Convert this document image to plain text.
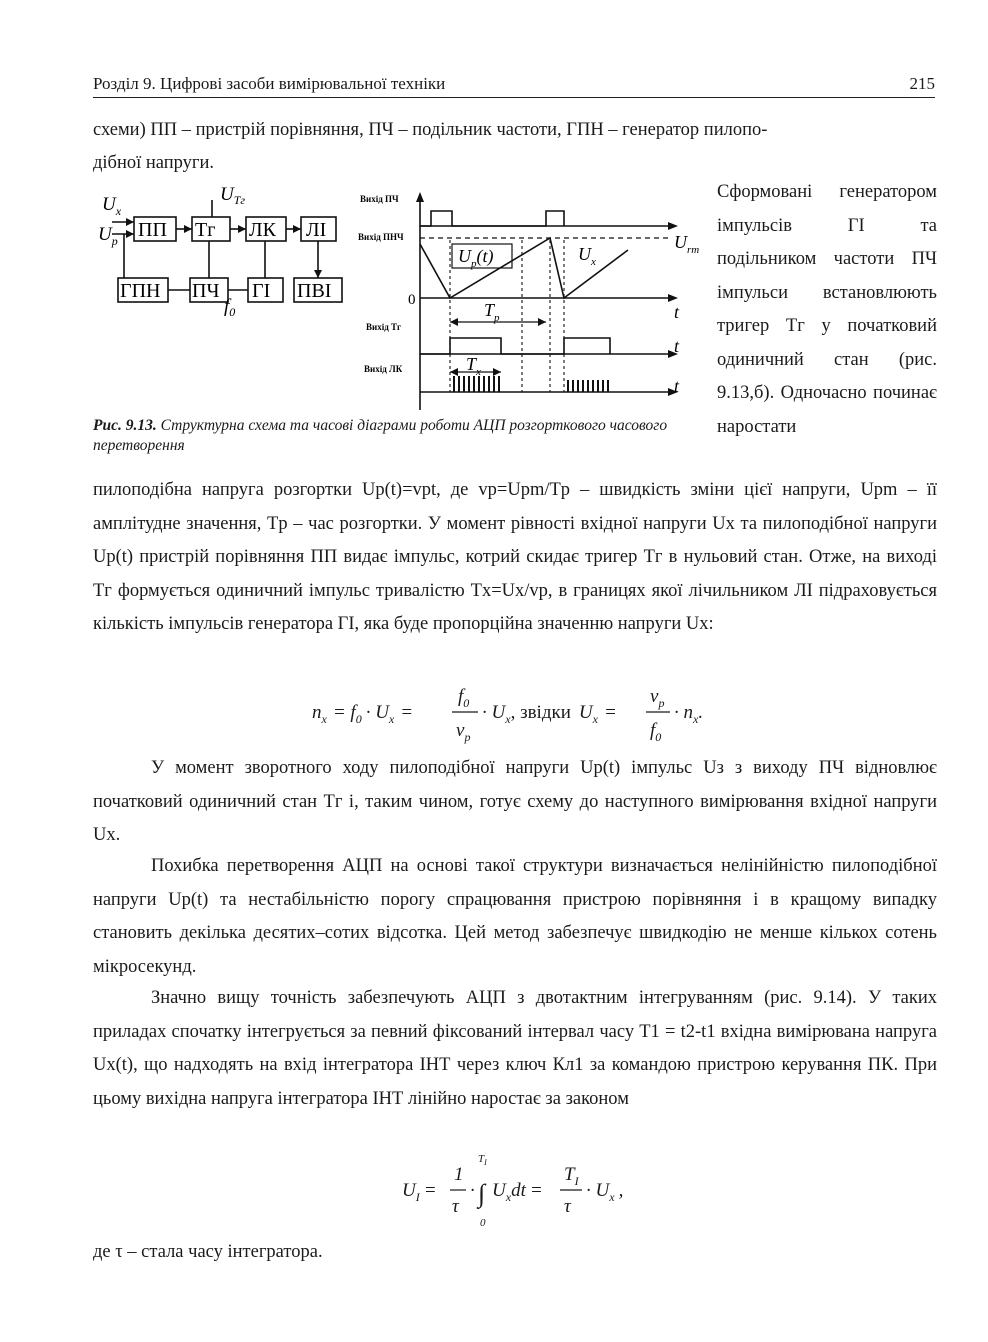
Розділ 9. Цифрові засоби вимірювальної техніки	215

схеми) ПП – пристрій порівняння, ПЧ – подільник частоти, ГПН – генератор пилопо-

дібної напруги.

ПП Тг ЛК ЛІ
ГПН ПЧ ГІ ПВІ
$U_x$
$U_p$
$U_{Тг}$
$f_0$
Вихід ПЧ
Вихід ПНЧ
Вихід Тг
Вихід ЛК
0
t
t
t
$U_{rm}$
$U_p(t)$	$U_x$
$T_p$
$T_x$
Рис. 9.13. Структурна схема та часові діаграми роботи АЦП розгорткового часового перетворення

Сформовані генератором імпульсів ГІ та подільником частоти ПЧ імпульси встановлюють тригер Тг у початковий одиничний стан (рис. 9.13,б). Одночасно починає наростати

пилоподібна напруга розгортки Up(t)=vpt, де vp=Upm/Tp – швидкість зміни цієї напруги, Upm – її амплітудне значення, Tp – час розгортки. У момент рівності вхідної напруги Ux та пилоподібної напруги Up(t) пристрій порівняння ПП видає імпульс, котрий скидає тригер Тг в нульовий стан. Отже, на виході Тг формується одиничний імпульс тривалістю Tx=Ux/vp, в границях якої лічильником ЛІ підраховується кількість імпульсів генератора ГІ, яка буде пропорційна значенню напруги Ux:

$n_x = f_0 \cdot U_x$ =
$f_0$
$v_p$
· $U_x$, звідки $U_x$ =
$v_p$
$f_0$
· $n_x$.

У момент зворотного ходу пилоподібної напруги Up(t) імпульс Uз з виходу ПЧ відновлює початковий одиничний стан Тг і, таким чином, готує схему до наступного вимірювання вхідної напруги Ux.

Похибка перетворення АЦП на основі такої структури визначається нелінійністю пилоподібної напруги Up(t) та нестабільністю порогу спрацювання пристрою порівняння і в кращому випадку становить декілька десятих–сотих відсотка. Цей метод забезпечує швидкодію не менше кількох сотень мікросекунд.

Значно вищу точність забезпечують АЦП з двотактним інтегруванням (рис. 9.14). У таких приладах спочатку інтегрується за певний фіксований інтервал часу T1 = t2-t1 вхідна вимірювана напруга Ux(t), що надходять на вхід інтегратора ІНТ через ключ Кл1 за командою пристрою керування ПК. При цьому вихідна напруга інтегратора ІНТ лінійно наростає за законом

$U_I$ =
1
τ
·
$T_I$
∫
0
$U_xdt$ =
$T_I$
τ
· $U_x$ ,

де τ – стала часу інтегратора.
